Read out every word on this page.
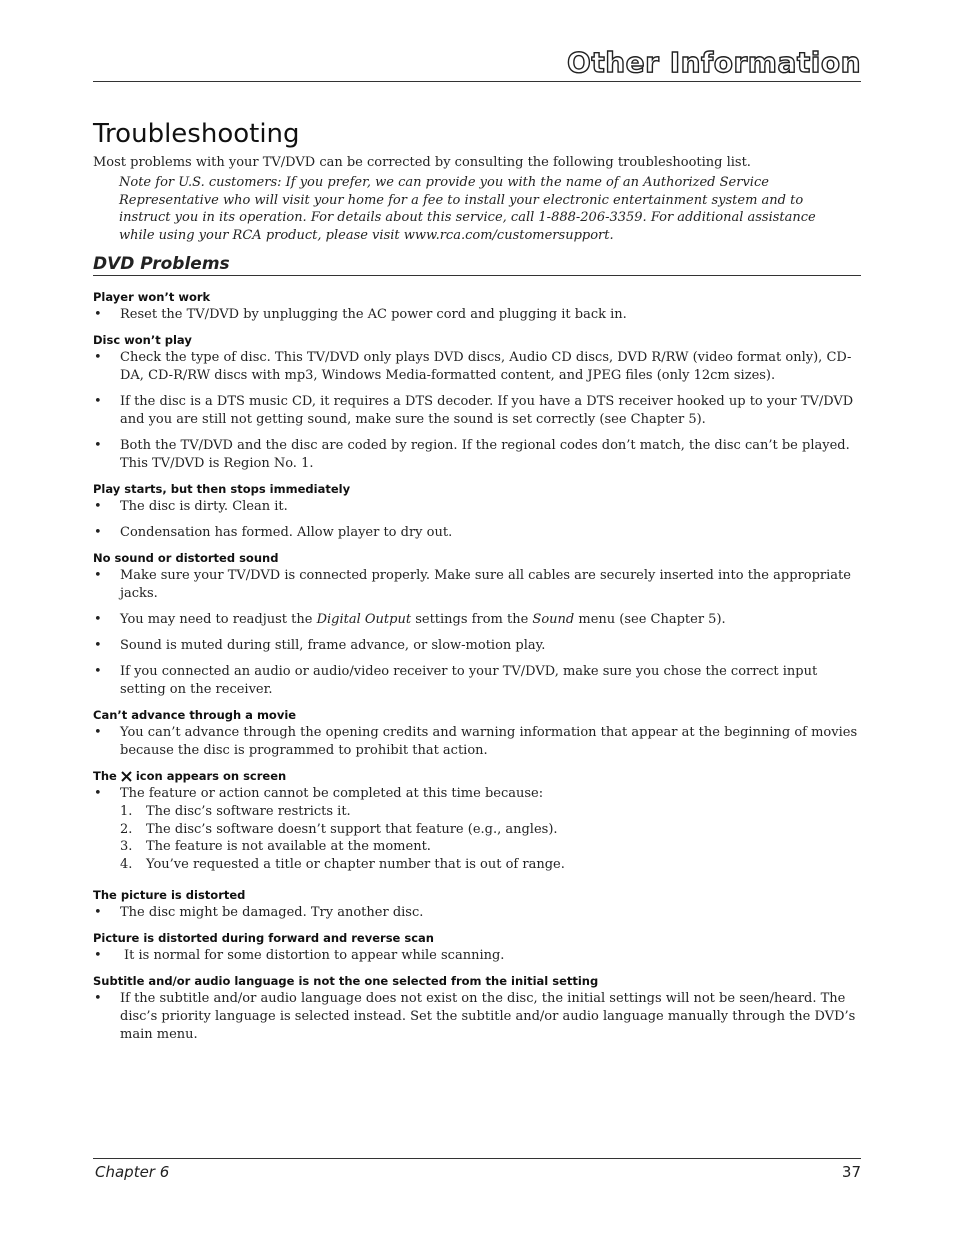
Other Information
Troubleshooting

Most problems with your TV/DVD can be corrected by consulting the following troubleshooting list.

Note for U.S. customers: If you prefer, we can provide you with the name of an Authorized Service Representative who will visit your home for a fee to install your electronic entertainment system and to instruct you in its operation. For details about this service, call 1-888-206-3359. For additional assistance while using your RCA product, please visit www.rca.com/customersupport.

DVD Problems

Player won’t work

• Reset the TV/DVD by unplugging the AC power cord and plugging it back in.

Disc won’t play

• Check the type of disc. This TV/DVD only plays DVD discs, Audio CD discs, DVD R/RW (video format only), CD-DA, CD-R/RW discs with mp3, Windows Media-formatted content, and JPEG files (only 12cm sizes).
• If the disc is a DTS music CD, it requires a DTS decoder. If you have a DTS receiver hooked up to your TV/DVD and you are still not getting sound, make sure the sound is set correctly (see Chapter 5).
• Both the TV/DVD and the disc are coded by region. If the regional codes don’t match, the disc can’t be played. This TV/DVD is Region No. 1.

Play starts, but then stops immediately

• The disc is dirty. Clean it.
• Condensation has formed. Allow player to dry out.

No sound or distorted sound

• Make sure your TV/DVD is connected properly. Make sure all cables are securely inserted into the appropriate jacks.
• You may need to readjust the Digital Output settings from the Sound menu (see Chapter 5).
• Sound is muted during still, frame advance, or slow-motion play.
• If you connected an audio or audio/video receiver to your TV/DVD, make sure you chose the correct input setting on the receiver.

Can’t advance through a movie

• You can’t advance through the opening credits and warning information that appear at the beginning of movies because the disc is programmed to prohibit that action.

The icon appears on screen

• The feature or action cannot be completed at this time because:
1. The disc’s software restricts it.
2. The disc’s software doesn’t support that feature (e.g., angles).
3. The feature is not available at the moment.
4. You’ve requested a title or chapter number that is out of range.

The picture is distorted

• The disc might be damaged. Try another disc.

Picture is distorted during forward and reverse scan

• It is normal for some distortion to appear while scanning.

Subtitle and/or audio language is not the one selected from the initial setting

• If the subtitle and/or audio language does not exist on the disc, the initial settings will not be seen/heard. The disc’s priority language is selected instead. Set the subtitle and/or audio language manually through the DVD’s main menu.
Chapter 6	37
